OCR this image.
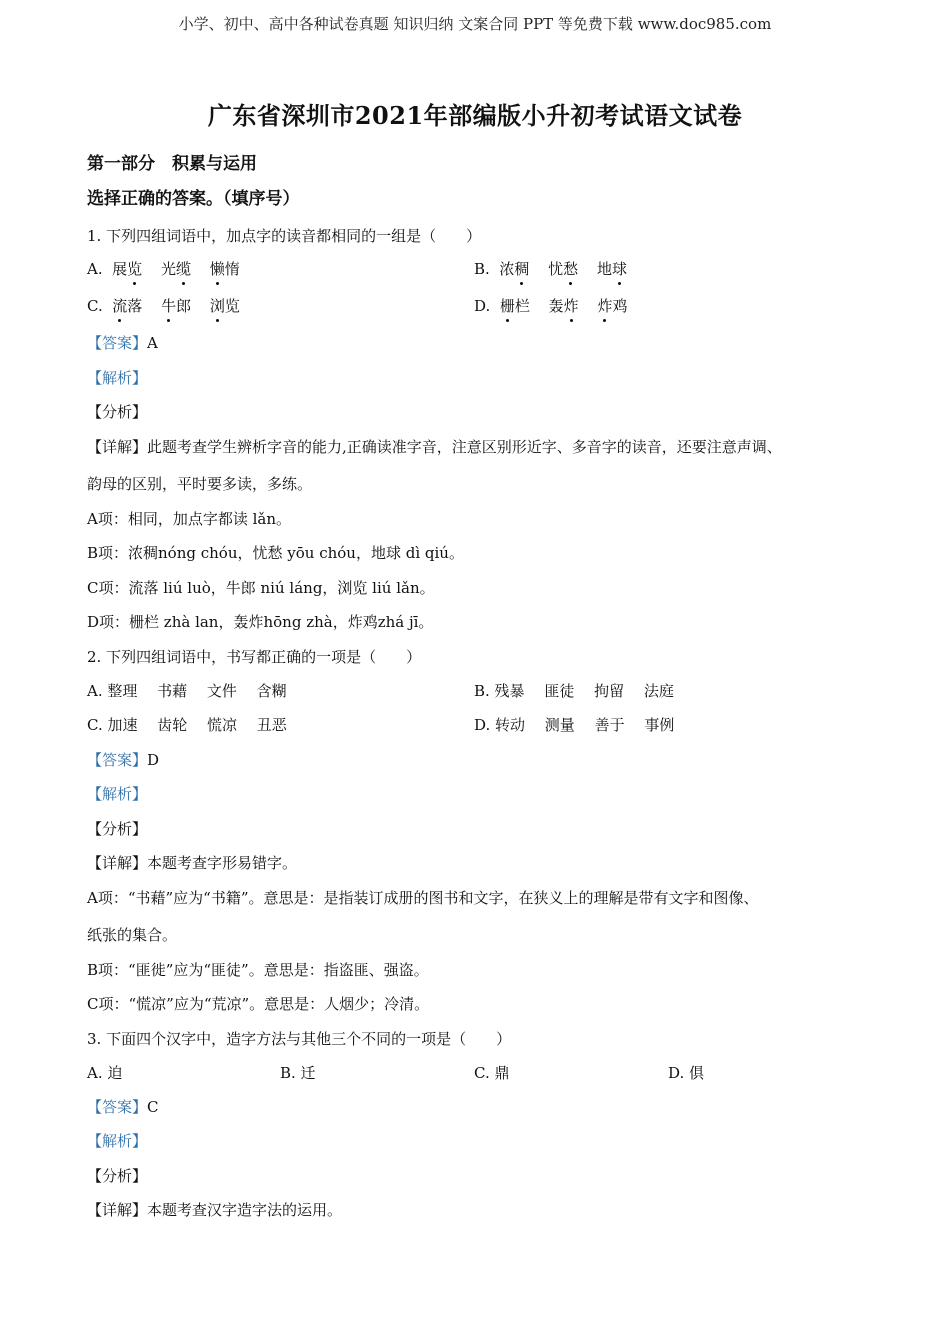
小学、初中、高中各种试卷真题 知识归纳 文案合同 PPT 等免费下载 www.doc985.com
广东省深圳市2021年部编版小升初考试语文试卷
第一部分　积累与运用
选择正确的答案。（填序号）
1. 下列四组词语中，加点字的读音都相同的一组是（　　）
A. 展览 光缆 懒惰	B. 浓稠 忧愁 地球
C. 流落 牛郎 浏览	D. 栅栏 轰炸 炸鸡
【答案】A
【解析】
【分析】
【详解】此题考查学生辨析字音的能力,正确读准字音，注意区别形近字、多音字的读音，还要注意声调、
韵母的区别，平时要多读，多练。
A项：相同，加点字都读 lǎn。
B项：浓稠nóng chóu，忧愁 yōu chóu，地球 dì qiú。
C项：流落 liú luò，牛郎 niú láng，浏览 liú lǎn。
D项：栅栏 zhà lan，轰炸hōng zhà，炸鸡zhá jī。
2. 下列四组词语中，书写都正确的一项是（　　）
A. 整理　 书藉　 文件　 含糊	B. 残暴　 匪徒　 拘留　 法庭
C. 加速　 齿轮　 慌凉　 丑恶	D. 转动　 测量　 善于　 事例
【答案】D
【解析】
【分析】
【详解】本题考查字形易错字。
A项：“书藉”应为“书籍”。意思是：是指装订成册的图书和文字，在狭义上的理解是带有文字和图像、
纸张的集合。
B项：“匪徙”应为“匪徒”。意思是：指盗匪、强盗。
C项：“慌凉”应为“荒凉”。意思是：人烟少；冷清。
3. 下面四个汉字中，造字方法与其他三个不同的一项是（　　）
A. 迫	B. 迁	C. 鼎	D. 俱
【答案】C
【解析】
【分析】
【详解】本题考查汉字造字法的运用。
